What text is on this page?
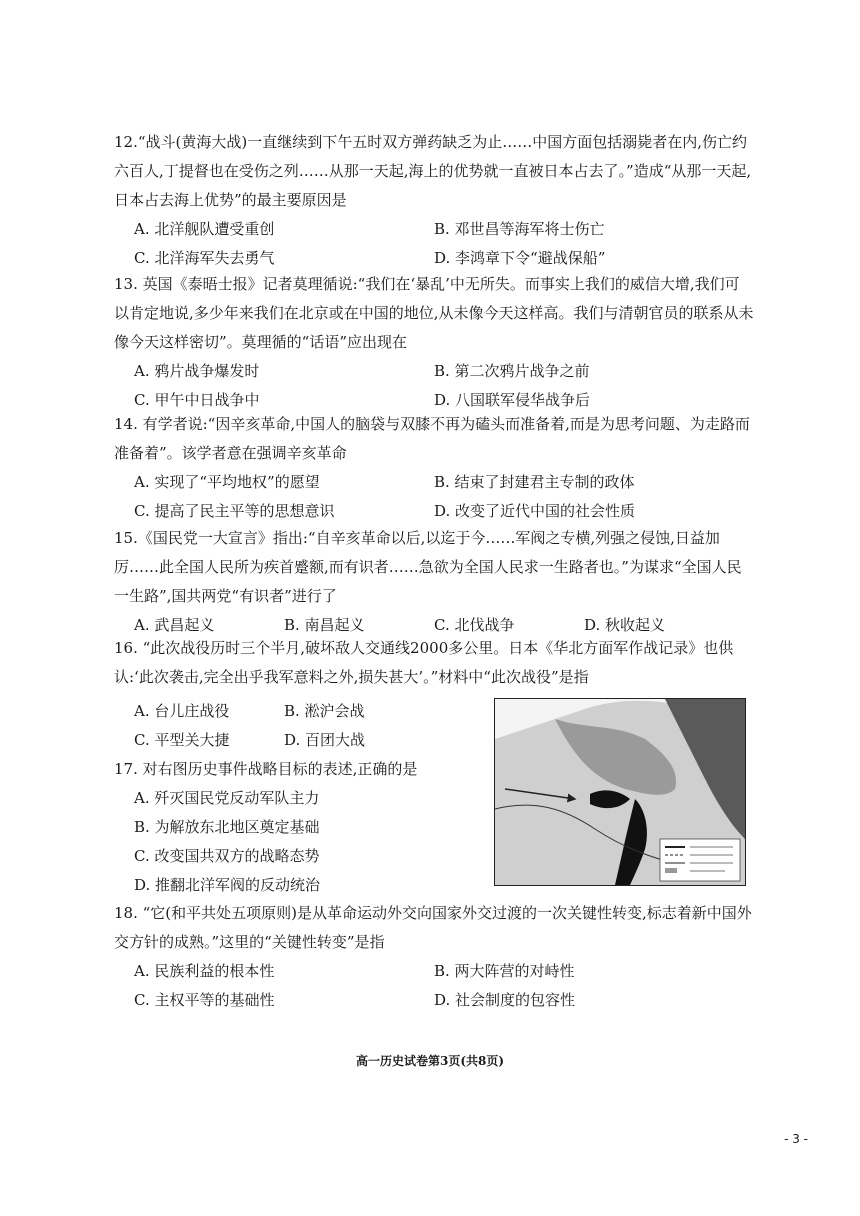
12.“战斗(黄海大战)一直继续到下午五时双方弹药缺乏为止……中国方面包括溺毙者在内,伤亡约六百人,丁提督也在受伤之列……从那一天起,海上的优势就一直被日本占去了。”造成“从那一天起,日本占去海上优势”的最主要原因是
A. 北洋舰队遭受重创	B. 邓世昌等海军将士伤亡
C. 北洋海军失去勇气	D. 李鸿章下令“避战保船”
13. 英国《泰晤士报》记者莫理循说:“我们在‘暴乱’中无所失。而事实上我们的威信大增,我们可以肯定地说,多少年来我们在北京或在中国的地位,从未像今天这样高。我们与清朝官员的联系从未像今天这样密切”。莫理循的“话语”应出现在
A. 鸦片战争爆发时	B. 第二次鸦片战争之前
C. 甲午中日战争中	D. 八国联军侵华战争后
14. 有学者说:“因辛亥革命,中国人的脑袋与双膝不再为磕头而准备着,而是为思考问题、为走路而准备着”。该学者意在强调辛亥革命
A. 实现了“平均地权”的愿望	B. 结束了封建君主专制的政体
C. 提高了民主平等的思想意识	D. 改变了近代中国的社会性质
15.《国民党一大宣言》指出:“自辛亥革命以后,以迄于今……军阀之专横,列强之侵蚀,日益加厉……此全国人民所为疾首蹙额,而有识者……急欲为全国人民求一生路者也。”为谋求“全国人民一生路”,国共两党“有识者”进行了
A. 武昌起义	B. 南昌起义	C. 北伐战争	D. 秋收起义
16. “此次战役历时三个半月,破坏敌人交通线2000多公里。日本《华北方面军作战记录》也供认:‘此次袭击,完全出乎我军意料之外,损失甚大’。”材料中“此次战役”是指
A. 台儿庄战役	B. 淞沪会战
C. 平型关大捷	D. 百团大战
17. 对右图历史事件战略目标的表述,正确的是
A. 歼灭国民党反动军队主力
B. 为解放东北地区奠定基础
C. 改变国共双方的战略态势
D. 推翻北洋军阀的反动统治
18. “它(和平共处五项原则)是从革命运动外交向国家外交过渡的一次关键性转变,标志着新中国外交方针的成熟。”这里的“关键性转变”是指
A. 民族利益的根本性	B. 两大阵营的对峙性
C. 主权平等的基础性	D. 社会制度的包容性
高一历史试卷第3页(共8页)
- 3 -
